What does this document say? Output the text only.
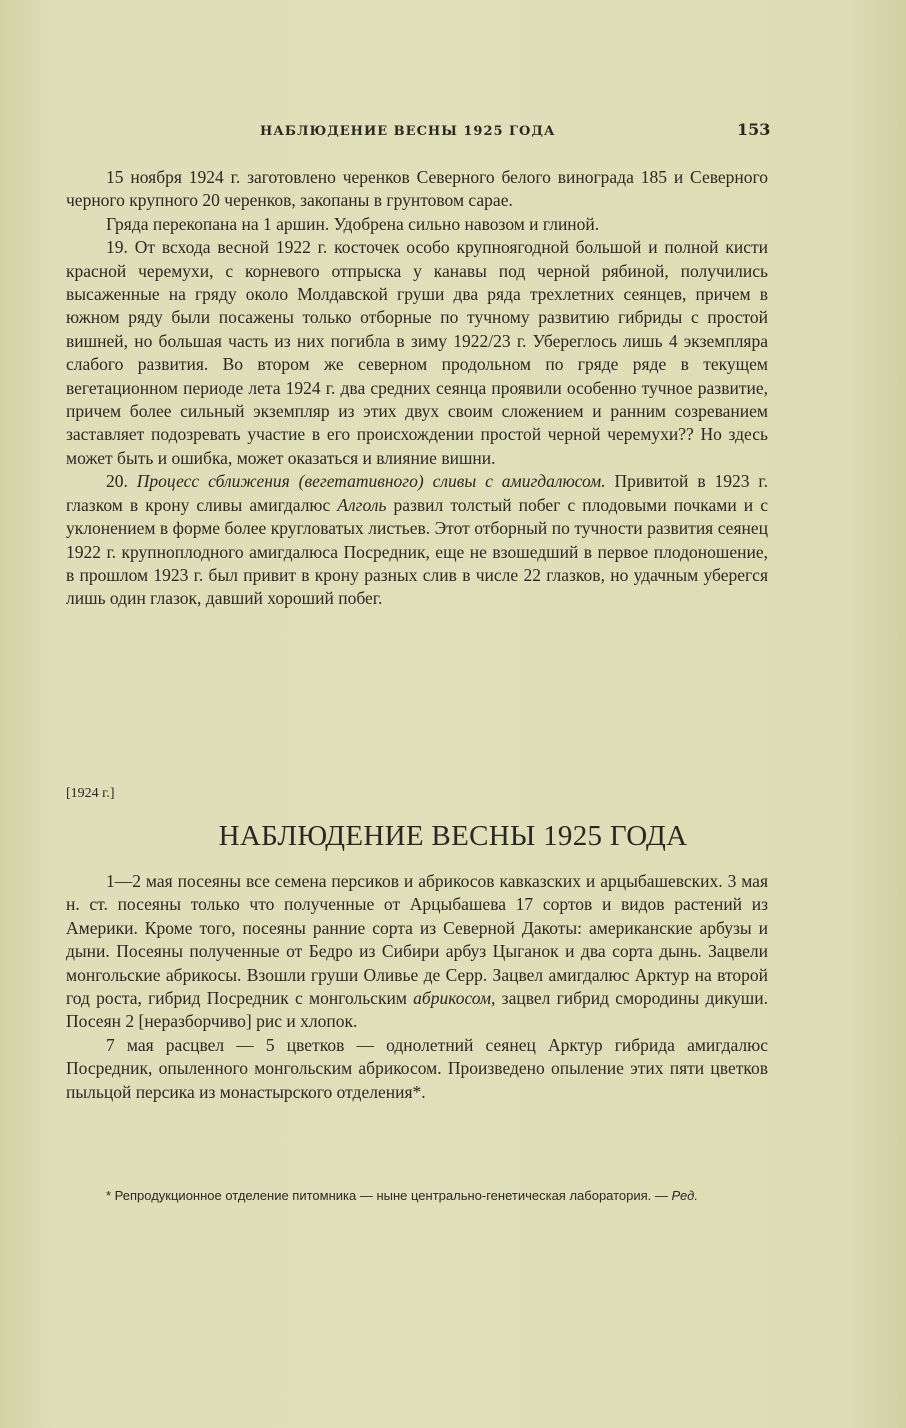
НАБЛЮДЕНИЕ ВЕСНЫ 1925 ГОДА	153

15 ноября 1924 г. заготовлено черенков Северного белого винограда 185 и Северного черного крупного 20 черенков, закопаны в грунтовом сарае.

Гряда перекопана на 1 аршин. Удобрена сильно навозом и глиной.

19. От всхода весной 1922 г. косточек особо крупноягодной большой и полной кисти красной черемухи, с корневого отпрыска у канавы под черной рябиной, получились высаженные на гряду около Молдавской груши два ряда трехлетних сеянцев, причем в южном ряду были посажены только отборные по тучному развитию гибриды с простой вишней, но большая часть из них погибла в зиму 1922/23 г. Уберeглось лишь 4 экземпляра слабого развития. Во втором же северном продольном по гряде ряде в текущем вегетационном периоде лета 1924 г. два средних сеянца проявили особенно тучное развитие, причем более сильный экземпляр из этих двух своим сложением и ранним созреванием заставляет подозревать участие в его происхождении простой черной черемухи?? Но здесь может быть и ошибка, может оказаться и влияние вишни.

20. Процесс сближения (вегетативного) сливы с амигдалюсом. Привитой в 1923 г. глазком в крону сливы амигдалюс Алголь развил толстый побег с плодовыми почками и с уклонением в форме более кругловатых листьев. Этот отборный по тучности развития сеянец 1922 г. крупноплодного амигдалюса Посредник, еще не взошедший в первое плодоношение, в прошлом 1923 г. был привит в крону разных слив в числе 22 глазков, но удачным уберегся лишь один глазок, давший хороший побег.

[1924 г.]
НАБЛЮДЕНИЕ ВЕСНЫ 1925 ГОДА

1—2 мая посеяны все семена персиков и абрикосов кавказских и арцыбашевских. 3 мая н. ст. посеяны только что полученные от Арцыбашева 17 сортов и видов растений из Америки. Кроме того, посеяны ранние сорта из Северной Дакоты: американские арбузы и дыни. Посеяны полученные от Бедро из Сибири арбуз Цыганок и два сорта дынь. Зацвели монгольские абрикосы. Взошли груши Оливье де Серр. Зацвел амигдалюс Арктур на второй год роста, гибрид Посредник с монгольским абрикосом, зацвел гибрид смородины дикуши. Посеян 2 [неразборчиво] рис и хлопок.

7 мая расцвел — 5 цветков — однолетний сеянец Арктур гибрида амигдалюс Посредник, опыленного монгольским абрикосом. Произведено опыление этих пяти цветков пыльцой персика из монастырского отделения*.

* Репродукционное отделение питомника — ныне центрально-генетическая лаборатория. — Ред.
